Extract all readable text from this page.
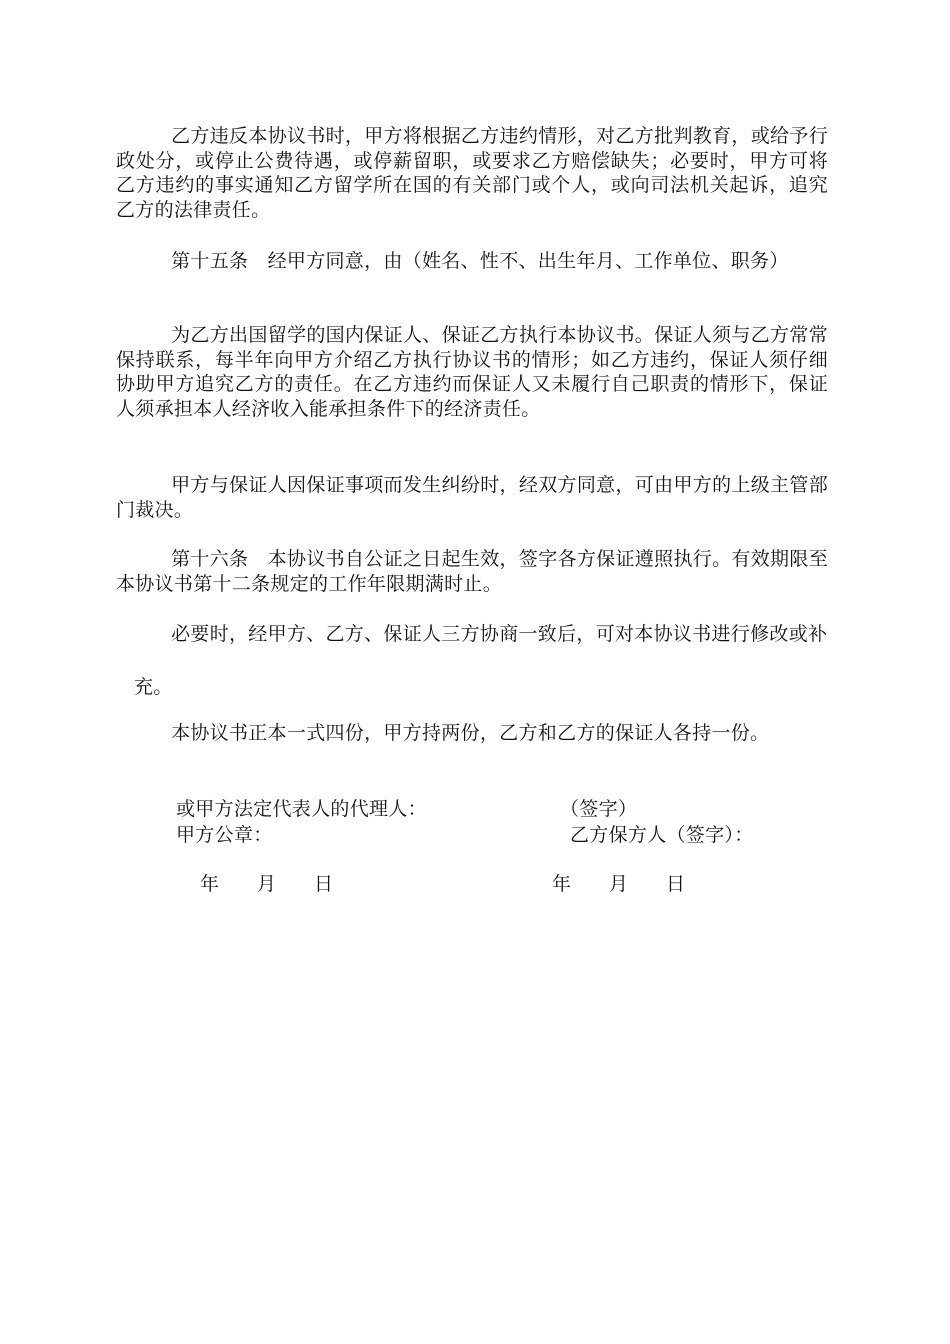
乙方违反本协议书时，甲方将根据乙方违约情形，对乙方批判教育，或给予行政处分，或停止公费待遇，或停薪留职，或要求乙方赔偿缺失；必要时，甲方可将乙方违约的事实通知乙方留学所在国的有关部门或个人，或向司法机关起诉，追究乙方的法律责任。

第十五条　经甲方同意，由（姓名、性不、出生年月、工作单位、职务）

为乙方出国留学的国内保证人、保证乙方执行本协议书。保证人须与乙方常常保持联系，每半年向甲方介绍乙方执行协议书的情形；如乙方违约，保证人须仔细协助甲方追究乙方的责任。在乙方违约而保证人又未履行自己职责的情形下，保证人须承担本人经济收入能承担条件下的经济责任。

甲方与保证人因保证事项而发生纠纷时，经双方同意，可由甲方的上级主管部门裁决。

第十六条　本协议书自公证之日起生效，签字各方保证遵照执行。有效期限至本协议书第十二条规定的工作年限期满时止。

必要时，经甲方、乙方、保证人三方协商一致后，可对本协议书进行修改或补
充。

本协议书正本一式四份，甲方持两份，乙方和乙方的保证人各持一份。

或甲方法定代表人的代理人：	（签字）
甲方公章：	乙方保方人（签字）：
年　　月　　日	年　　月　　日
